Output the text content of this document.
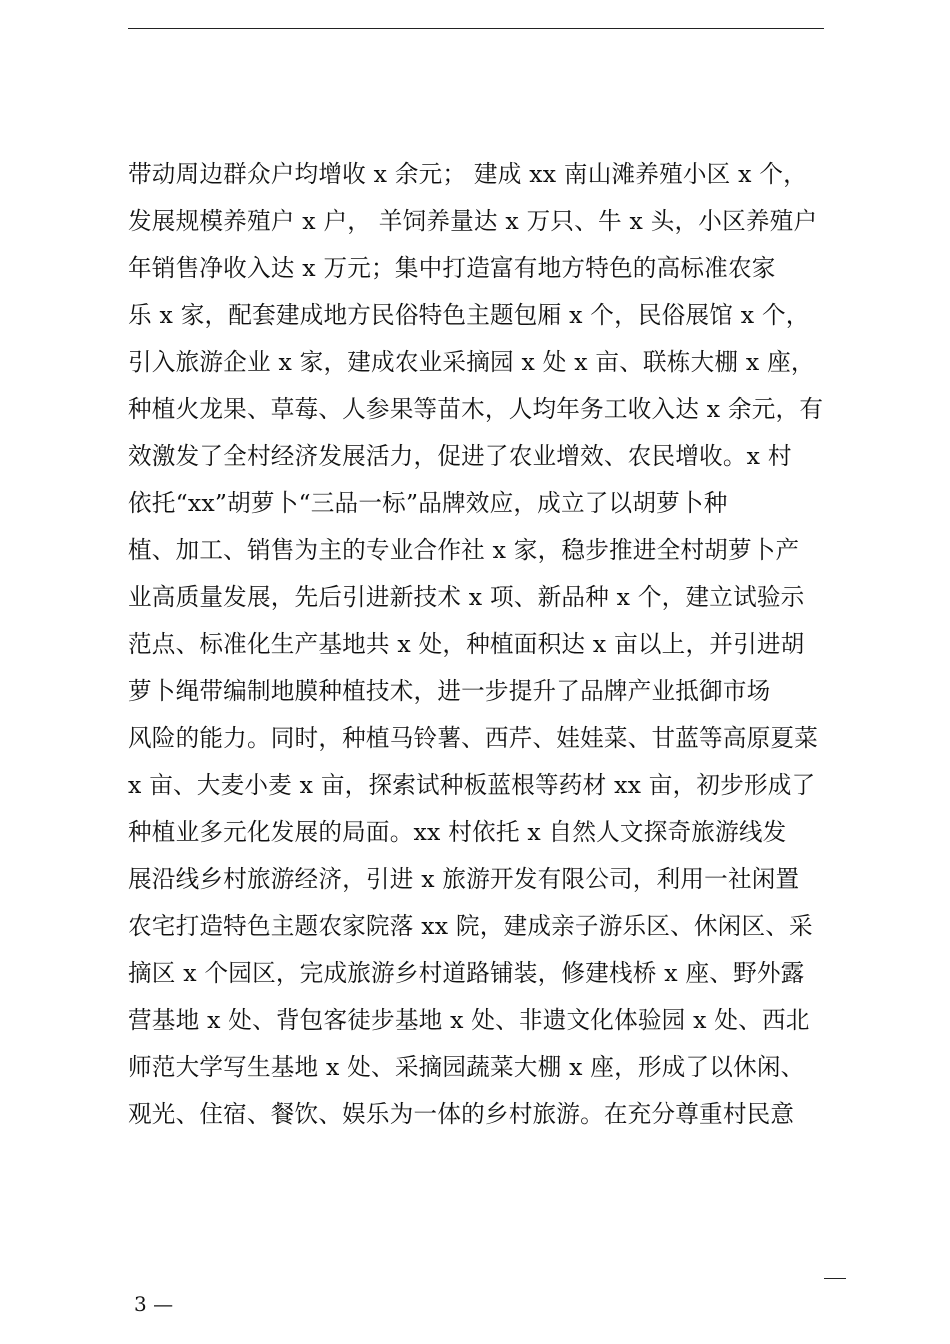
带动周边群众户均增收 x 余元； 建成 xx 南山滩养殖小区 x 个，
发展规模养殖户 x 户， 羊饲养量达 x 万只、牛 x 头，小区养殖户
年销售净收入达 x 万元；集中打造富有地方特色的高标准农家
乐 x 家，配套建成地方民俗特色主题包厢 x 个，民俗展馆 x 个，
引入旅游企业 x 家，建成农业采摘园 x 处 x 亩、联栋大棚 x 座，
种植火龙果、草莓、人参果等苗木，人均年务工收入达 x 余元，有
效激发了全村经济发展活力，促进了农业增效、农民增收。x 村
依托“xx”胡萝卜“三品一标”品牌效应，成立了以胡萝卜种
植、加工、销售为主的专业合作社 x 家，稳步推进全村胡萝卜产
业高质量发展，先后引进新技术 x 项、新品种 x 个，建立试验示
范点、标准化生产基地共 x 处，种植面积达 x 亩以上，并引进胡
萝卜绳带编制地膜种植技术，进一步提升了品牌产业抵御市场
风险的能力。同时，种植马铃薯、西芹、娃娃菜、甘蓝等高原夏菜
x 亩、大麦小麦 x 亩，探索试种板蓝根等药材 xx 亩，初步形成了
种植业多元化发展的局面。xx 村依托 x 自然人文探奇旅游线发
展沿线乡村旅游经济，引进 x 旅游开发有限公司，利用一社闲置
农宅打造特色主题农家院落 xx 院，建成亲子游乐区、休闲区、采
摘区 x 个园区，完成旅游乡村道路铺装，修建栈桥 x 座、野外露
营基地 x 处、背包客徒步基地 x 处、非遗文化体验园 x 处、西北
师范大学写生基地 x 处、采摘园蔬菜大棚 x 座，形成了以休闲、
观光、住宿、餐饮、娱乐为一体的乡村旅游。在充分尊重村民意
3 —
